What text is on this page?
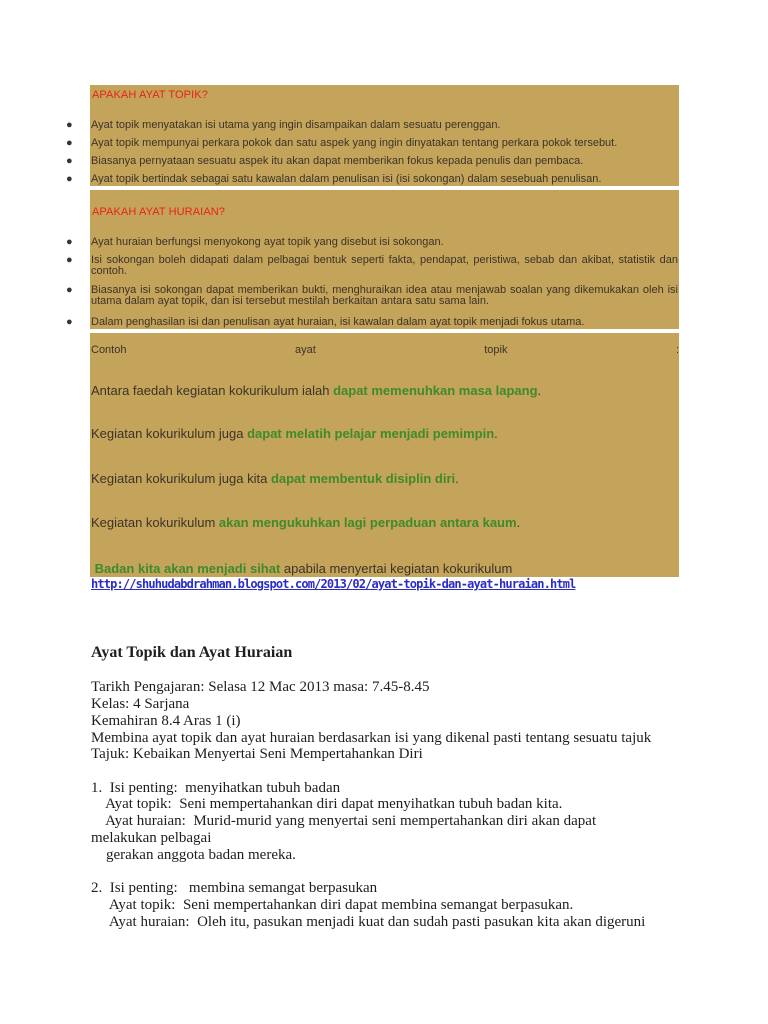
APAKAH AYAT TOPIK?
● Ayat topik menyatakan isi utama yang ingin disampaikan dalam sesuatu perenggan.
● Ayat topik mempunyai perkara pokok dan satu aspek yang ingin dinyatakan tentang perkara pokok tersebut.
● Biasanya pernyataan sesuatu aspek itu akan dapat memberikan fokus kepada penulis dan pembaca.
● Ayat topik bertindak sebagai satu kawalan dalam penulisan isi (isi sokongan) dalam sesebuah penulisan.
APAKAH AYAT HURAIAN?
● Ayat huraian berfungsi menyokong ayat topik yang disebut isi sokongan.
● Isi sokongan boleh didapati dalam pelbagai bentuk seperti fakta, pendapat, peristiwa, sebab dan akibat, statistik dan contoh.
● Biasanya isi sokongan dapat memberikan bukti, menghuraikan idea atau menjawab soalan yang dikemukakan oleh isi utama dalam ayat topik, dan isi tersebut mestilah berkaitan antara satu sama lain.
● Dalam penghasilan isi dan penulisan ayat huraian, isi kawalan dalam ayat topik menjadi fokus utama.
Contoh	ayat	topik	:
Antara faedah kegiatan kokurikulum ialah dapat memenuhkan masa lapang.
Kegiatan kokurikulum juga dapat melatih pelajar menjadi pemimpin.
Kegiatan kokurikulum juga kita dapat membentuk disiplin diri.
Kegiatan kokurikulum akan mengukuhkan lagi perpaduan antara kaum.
Badan kita akan menjadi sihat apabila menyertai kegiatan kokurikulum
http://shuhudabdrahman.blogspot.com/2013/02/ayat-topik-dan-ayat-huraian.html
Ayat Topik dan Ayat Huraian
Tarikh Pengajaran: Selasa 12 Mac 2013 masa: 7.45-8.45
Kelas: 4 Sarjana
Kemahiran 8.4 Aras 1 (i)
Membina ayat topik dan ayat huraian berdasarkan isi yang dikenal pasti tentang sesuatu tajuk
Tajuk: Kebaikan Menyertai Seni Mempertahankan Diri
1.  Isi penting:  menyihatkan tubuh badan
Ayat topik:  Seni mempertahankan diri dapat menyihatkan tubuh badan kita.
Ayat huraian:  Murid-murid yang menyertai seni mempertahankan diri akan dapat
melakukan pelbagai
gerakan anggota badan mereka.
2.  Isi penting:   membina semangat berpasukan
Ayat topik:  Seni mempertahankan diri dapat membina semangat berpasukan.
Ayat huraian:  Oleh itu, pasukan menjadi kuat dan sudah pasti pasukan kita akan digeruni
